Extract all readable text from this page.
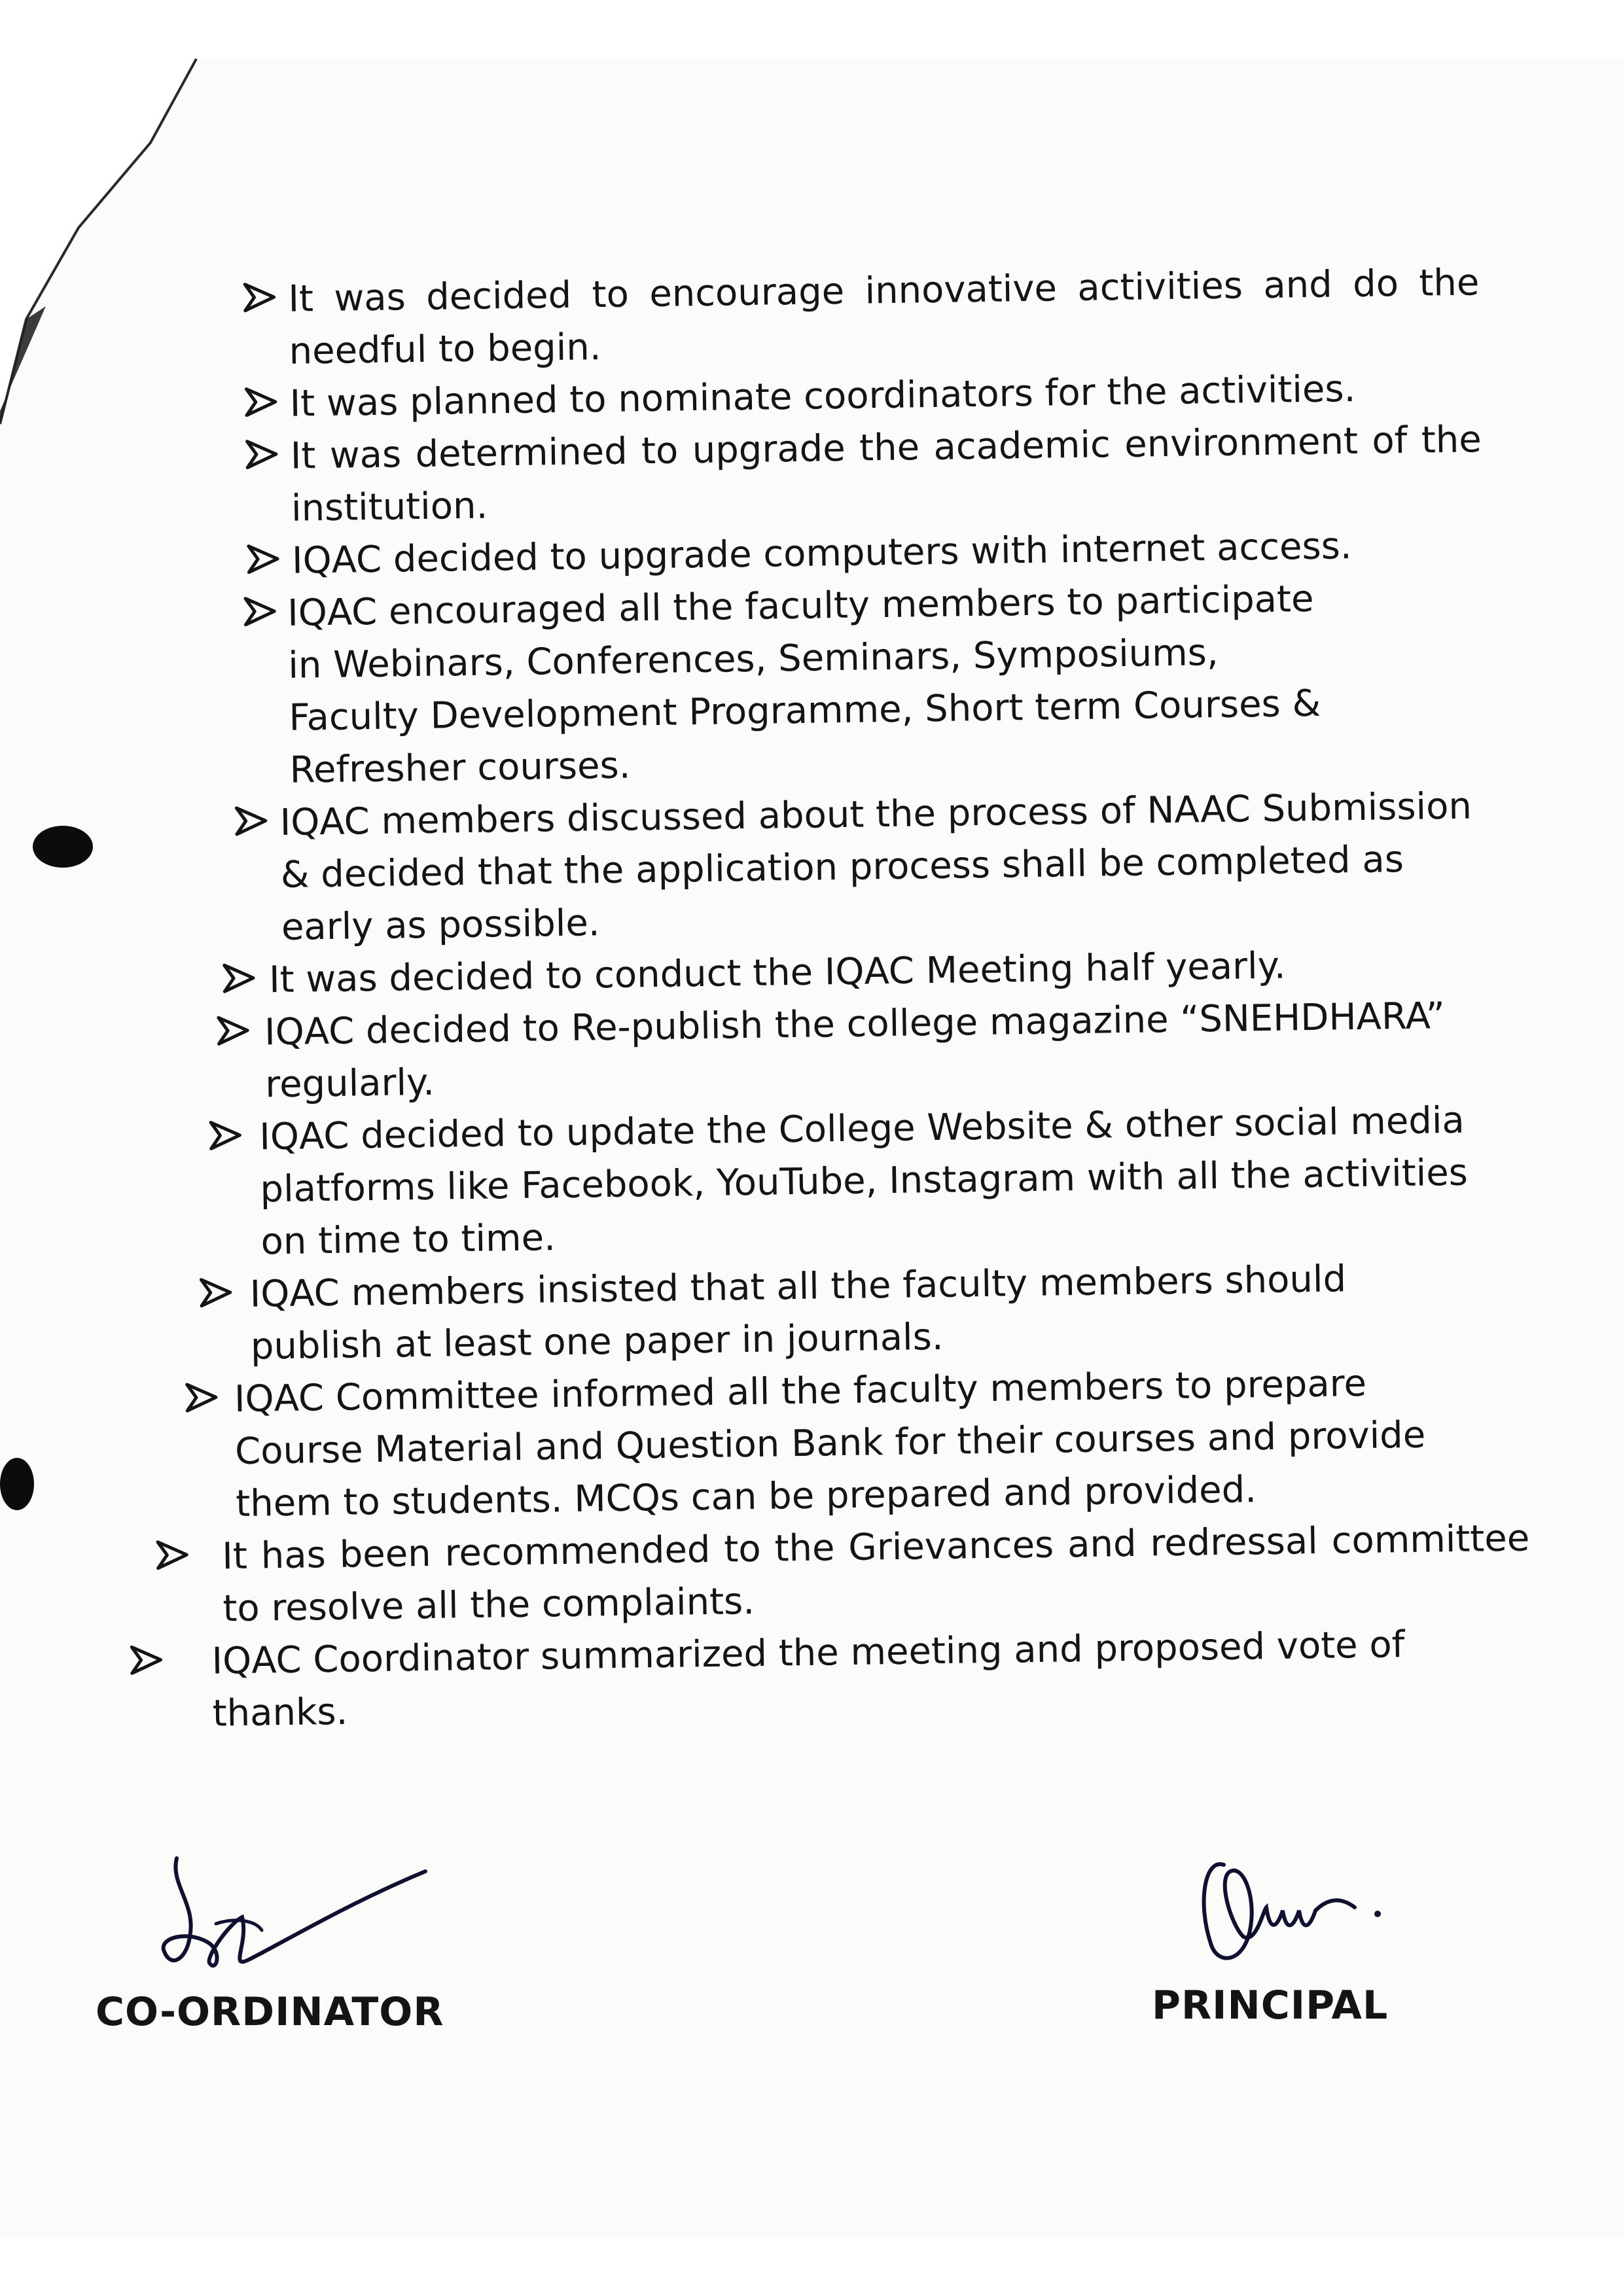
It was decided to encourage innovative activities and do the needful to begin.
It was planned to nominate coordinators for the activities.
It was determined to upgrade the academic environment of the institution.
IQAC decided to upgrade computers with internet access.
IQAC encouraged all the faculty members to participate in Webinars, Conferences, Seminars, Symposiums, Faculty Development Programme, Short term Courses & Refresher courses.
IQAC members discussed about the process of NAAC Submission & decided that the application process shall be completed as early as possible.
It was decided to conduct the IQAC Meeting half yearly.
IQAC decided to Re-publish the college magazine “SNEHDHARA” regularly.
IQAC decided to update the College Website & other social media platforms like Facebook, YouTube, Instagram with all the activities on time to time.
IQAC members insisted that all the faculty members should publish at least one paper in journals.
IQAC Committee informed all the faculty members to prepare Course Material and Question Bank for their courses and provide them to students. MCQs can be prepared and provided.
It has been recommended to the Grievances and redressal committee to resolve all the complaints.
IQAC Coordinator summarized the meeting and proposed vote of thanks.
CO-ORDINATOR	PRINCIPAL
